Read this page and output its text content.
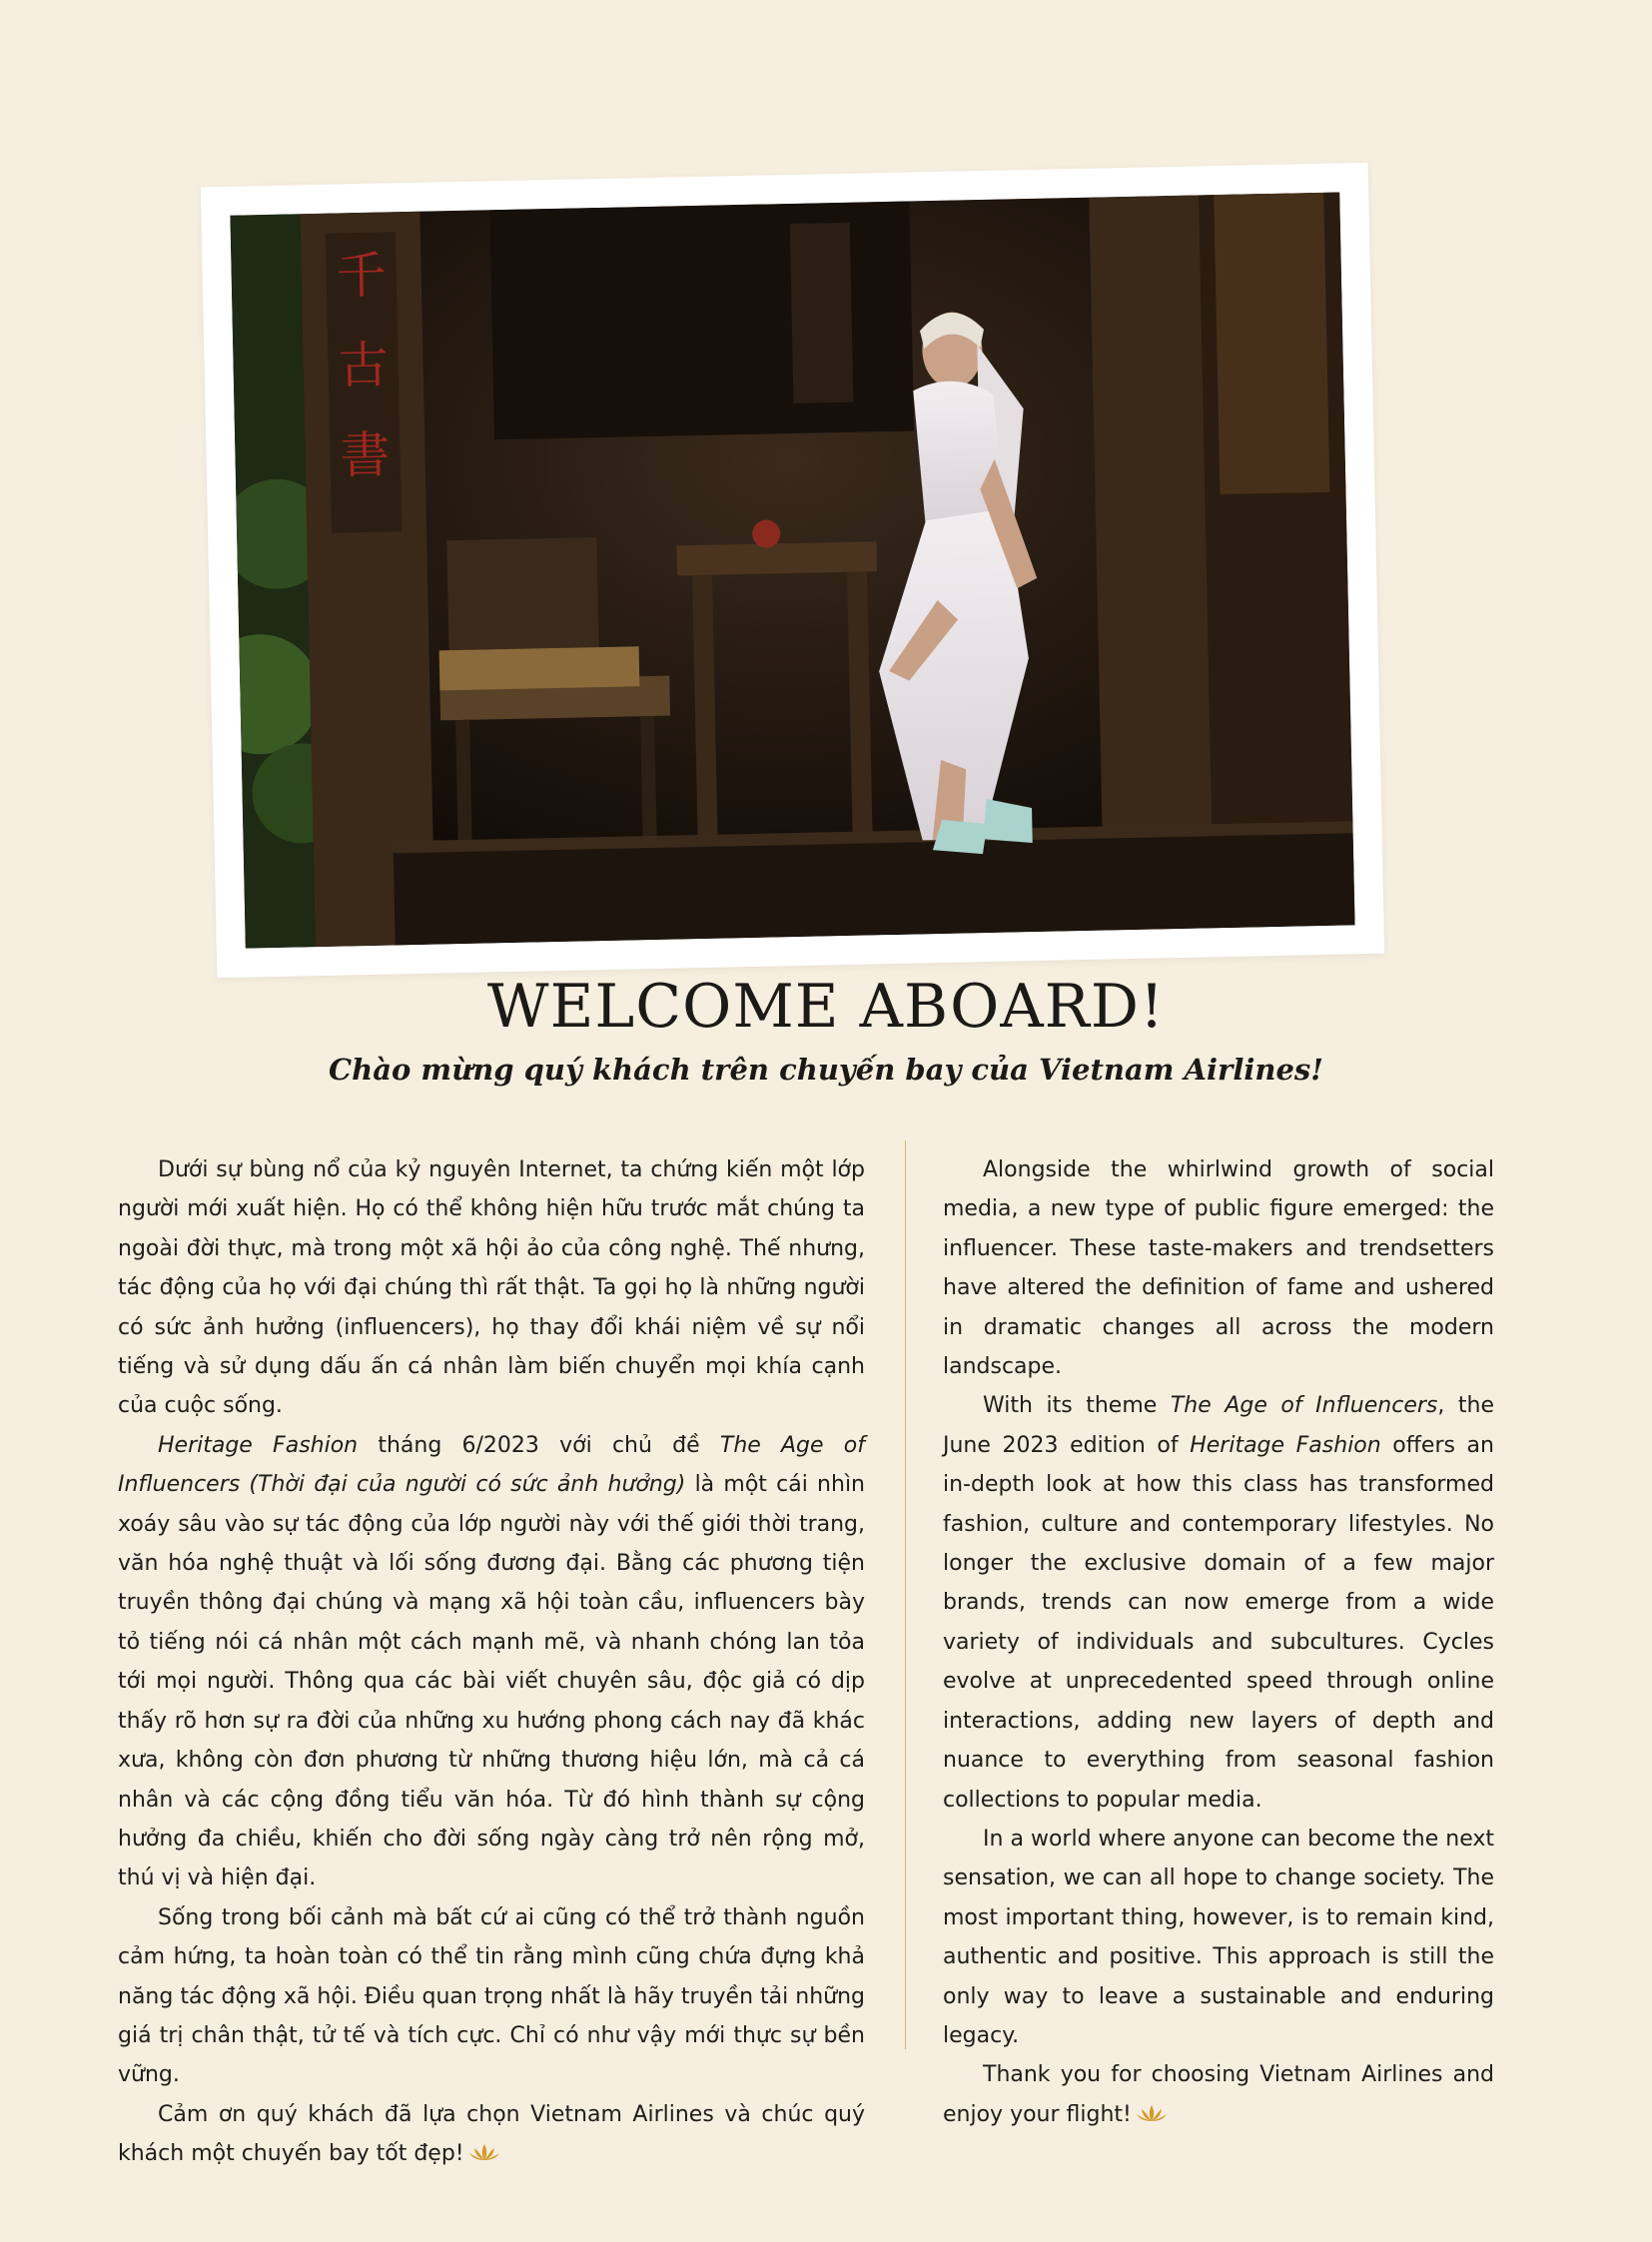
千
古
書
WELCOME ABOARD!
Chào mừng quý khách trên chuyến bay của Vietnam Airlines!

Dưới sự bùng nổ của kỷ nguyên Internet, ta chứng kiến một lớp người mới xuất hiện. Họ có thể không hiện hữu trước mắt chúng ta ngoài đời thực, mà trong một xã hội ảo của công nghệ. Thế nhưng, tác động của họ với đại chúng thì rất thật. Ta gọi họ là những người có sức ảnh hưởng (influencers), họ thay đổi khái niệm về sự nổi tiếng và sử dụng dấu ấn cá nhân làm biến chuyển mọi khía cạnh của cuộc sống.

Heritage Fashion tháng 6/2023 với chủ đề The Age of Influencers (Thời đại của người có sức ảnh hưởng) là một cái nhìn xoáy sâu vào sự tác động của lớp người này với thế giới thời trang, văn hóa nghệ thuật và lối sống đương đại. Bằng các phương tiện truyền thông đại chúng và mạng xã hội toàn cầu, influencers bày tỏ tiếng nói cá nhân một cách mạnh mẽ, và nhanh chóng lan tỏa tới mọi người. Thông qua các bài viết chuyên sâu, độc giả có dịp thấy rõ hơn sự ra đời của những xu hướng phong cách nay đã khác xưa, không còn đơn phương từ những thương hiệu lớn, mà cả cá nhân và các cộng đồng tiểu văn hóa. Từ đó hình thành sự cộng hưởng đa chiều, khiến cho đời sống ngày càng trở nên rộng mở, thú vị và hiện đại.

Sống trong bối cảnh mà bất cứ ai cũng có thể trở thành nguồn cảm hứng, ta hoàn toàn có thể tin rằng mình cũng chứa đựng khả năng tác động xã hội. Điều quan trọng nhất là hãy truyền tải những giá trị chân thật, tử tế và tích cực. Chỉ có như vậy mới thực sự bền vững.

Cảm ơn quý khách đã lựa chọn Vietnam Airlines và chúc quý khách một chuyến bay tốt đẹp!

Alongside the whirlwind growth of social media, a new type of public figure emerged: the influencer. These taste-makers and trendsetters have altered the definition of fame and ushered in dramatic changes all across the modern landscape.

With its theme The Age of Influencers, the June 2023 edition of Heritage Fashion offers an in-depth look at how this class has transformed fashion, culture and contemporary lifestyles. No longer the exclusive domain of a few major brands, trends can now emerge from a wide variety of individuals and subcultures. Cycles evolve at unprecedented speed through online interactions, adding new layers of depth and nuance to everything from seasonal fashion collections to popular media.

In a world where anyone can become the next sensation, we can all hope to change society. The most important thing, however, is to remain kind, authentic and positive. This approach is still the only way to leave a sustainable and enduring legacy.

Thank you for choosing Vietnam Airlines and enjoy your flight!
